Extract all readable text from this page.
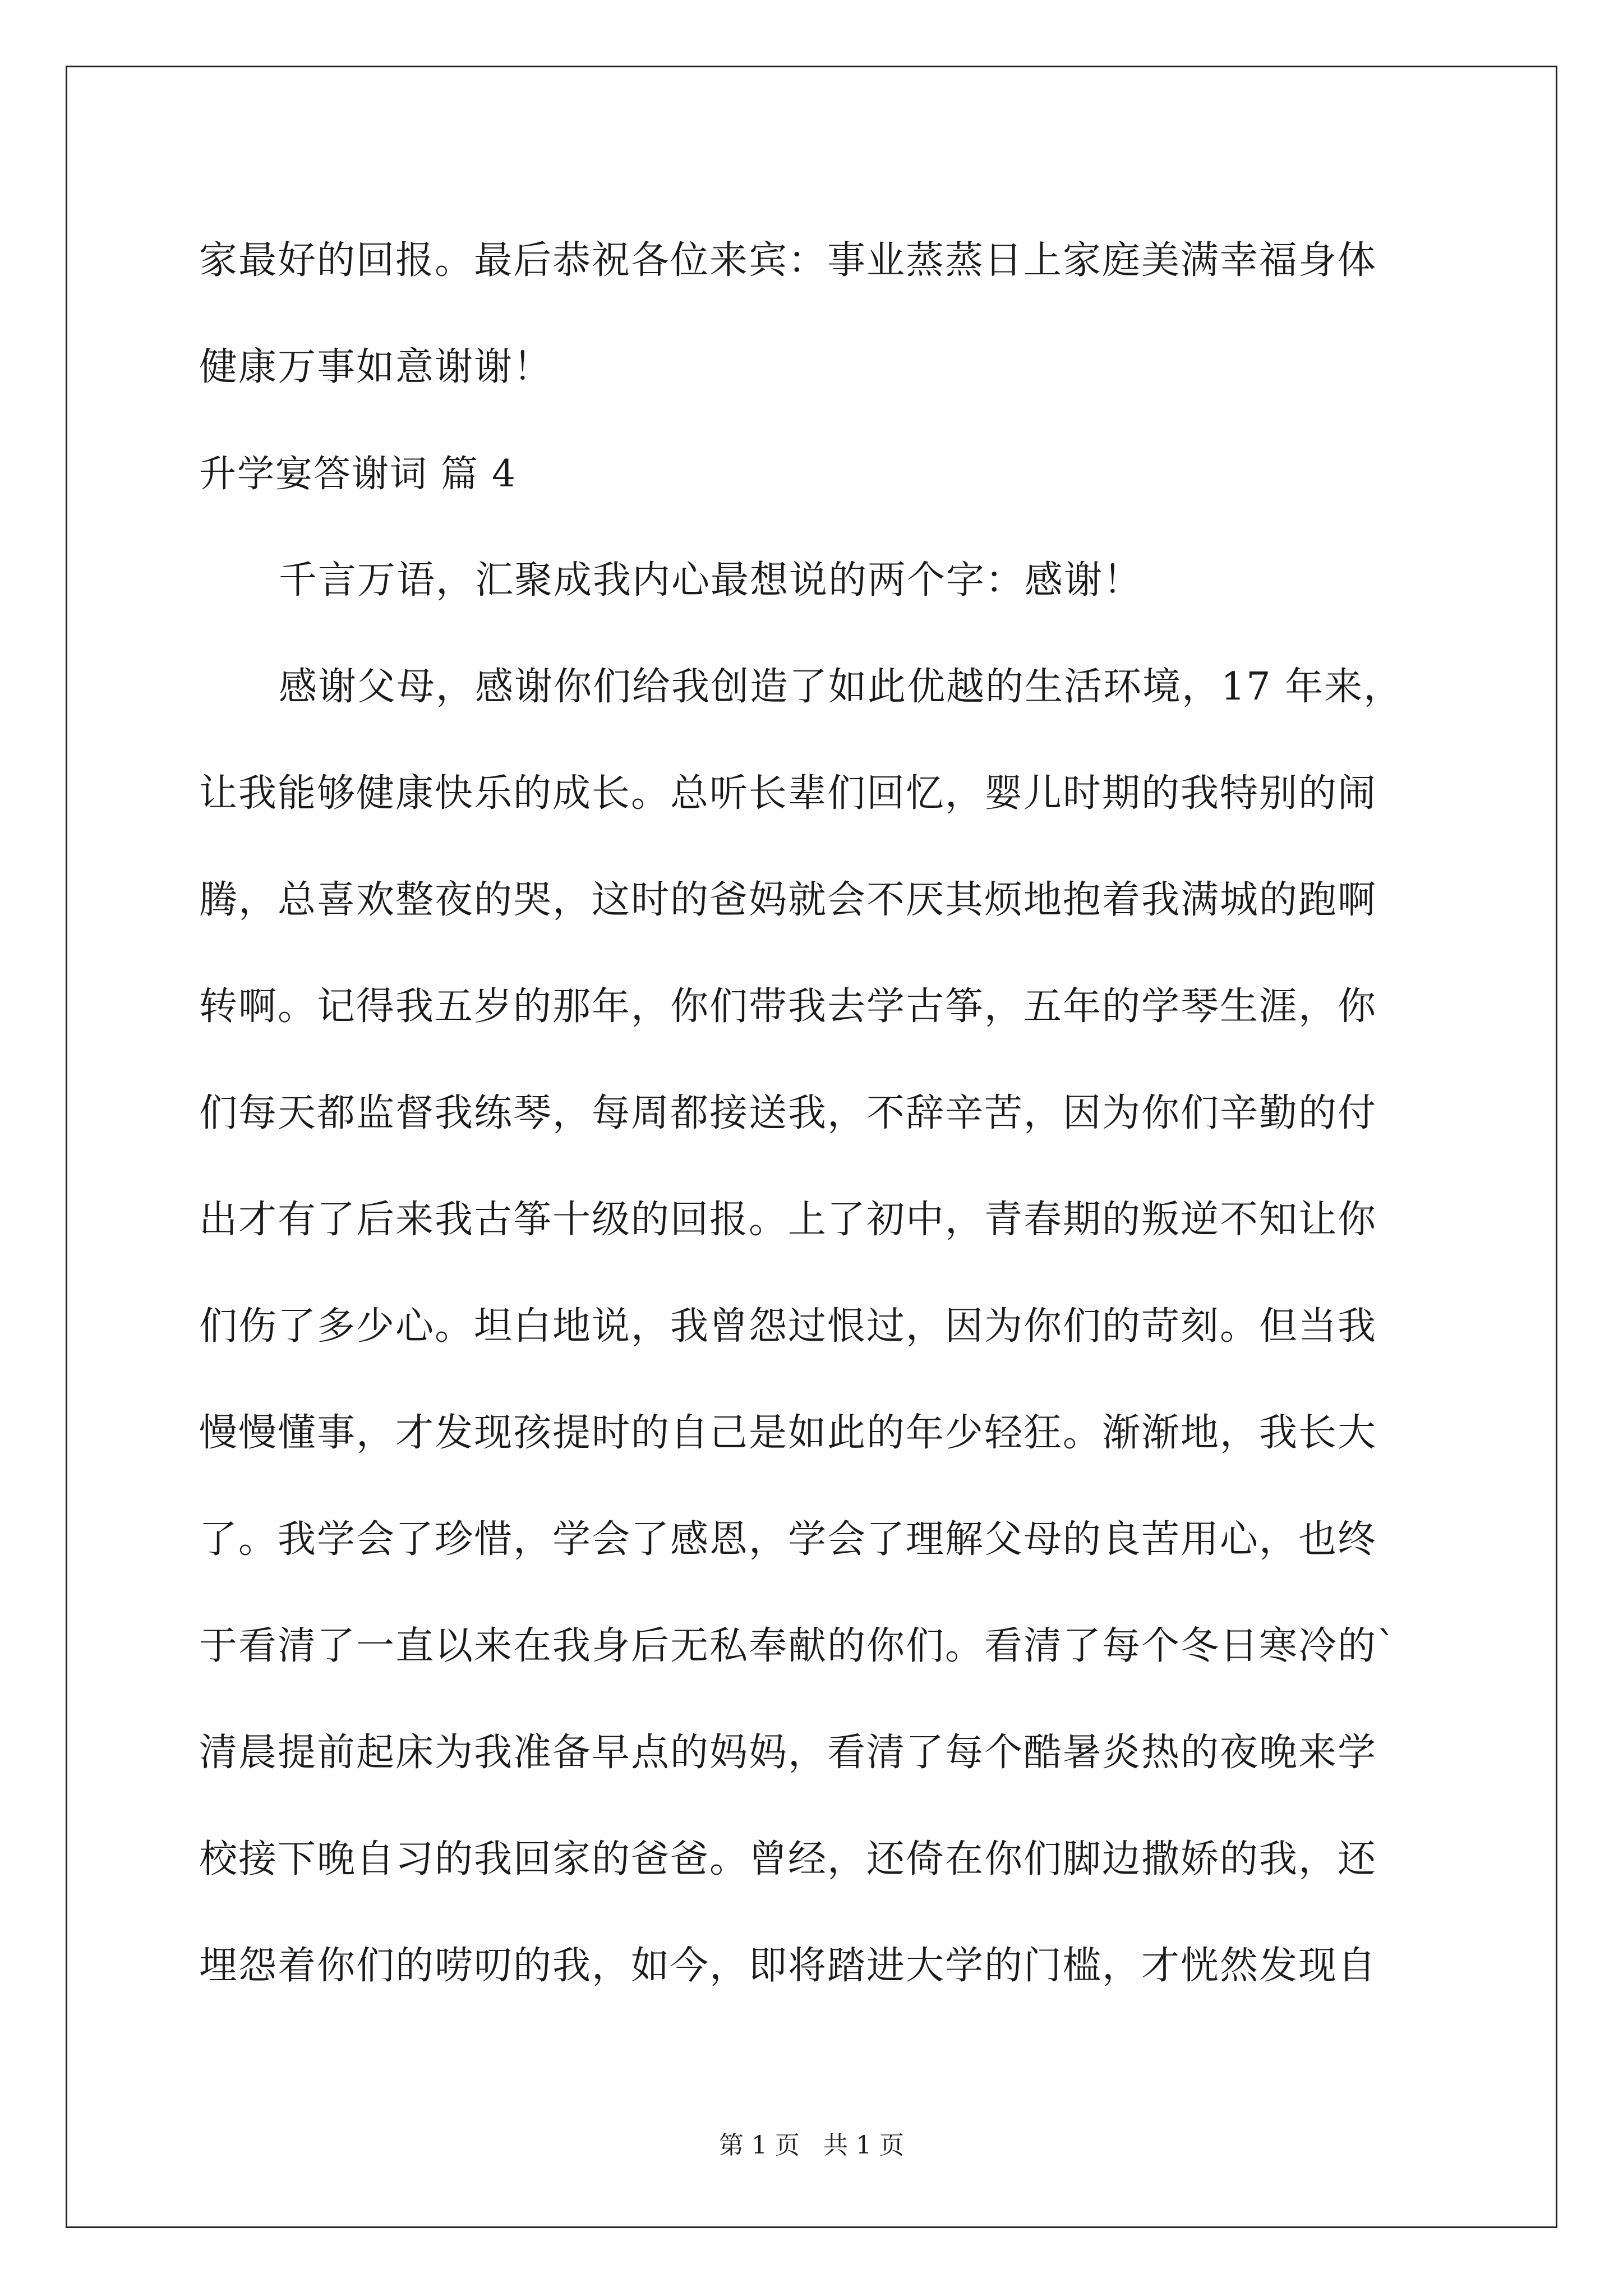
家最好的回报。最后恭祝各位来宾：事业蒸蒸日上家庭美满幸福身体
健康万事如意谢谢！
升学宴答谢词 篇 4
千言万语，汇聚成我内心最想说的两个字：感谢！
感谢父母，感谢你们给我创造了如此优越的生活环境，17 年来，
让我能够健康快乐的成长。总听长辈们回忆，婴儿时期的我特别的闹
腾，总喜欢整夜的哭，这时的爸妈就会不厌其烦地抱着我满城的跑啊
转啊。记得我五岁的那年，你们带我去学古筝，五年的学琴生涯，你
们每天都监督我练琴，每周都接送我，不辞辛苦，因为你们辛勤的付
出才有了后来我古筝十级的回报。上了初中，青春期的叛逆不知让你
们伤了多少心。坦白地说，我曾怨过恨过，因为你们的苛刻。但当我
慢慢懂事，才发现孩提时的自己是如此的年少轻狂。渐渐地，我长大
了。我学会了珍惜，学会了感恩，学会了理解父母的良苦用心，也终
于看清了一直以来在我身后无私奉献的你们。看清了每个冬日寒冷的`
清晨提前起床为我准备早点的妈妈，看清了每个酷暑炎热的夜晚来学
校接下晚自习的我回家的爸爸。曾经，还倚在你们脚边撒娇的我，还
埋怨着你们的唠叨的我，如今，即将踏进大学的门槛，才恍然发现自
第 1 页 共 1 页
